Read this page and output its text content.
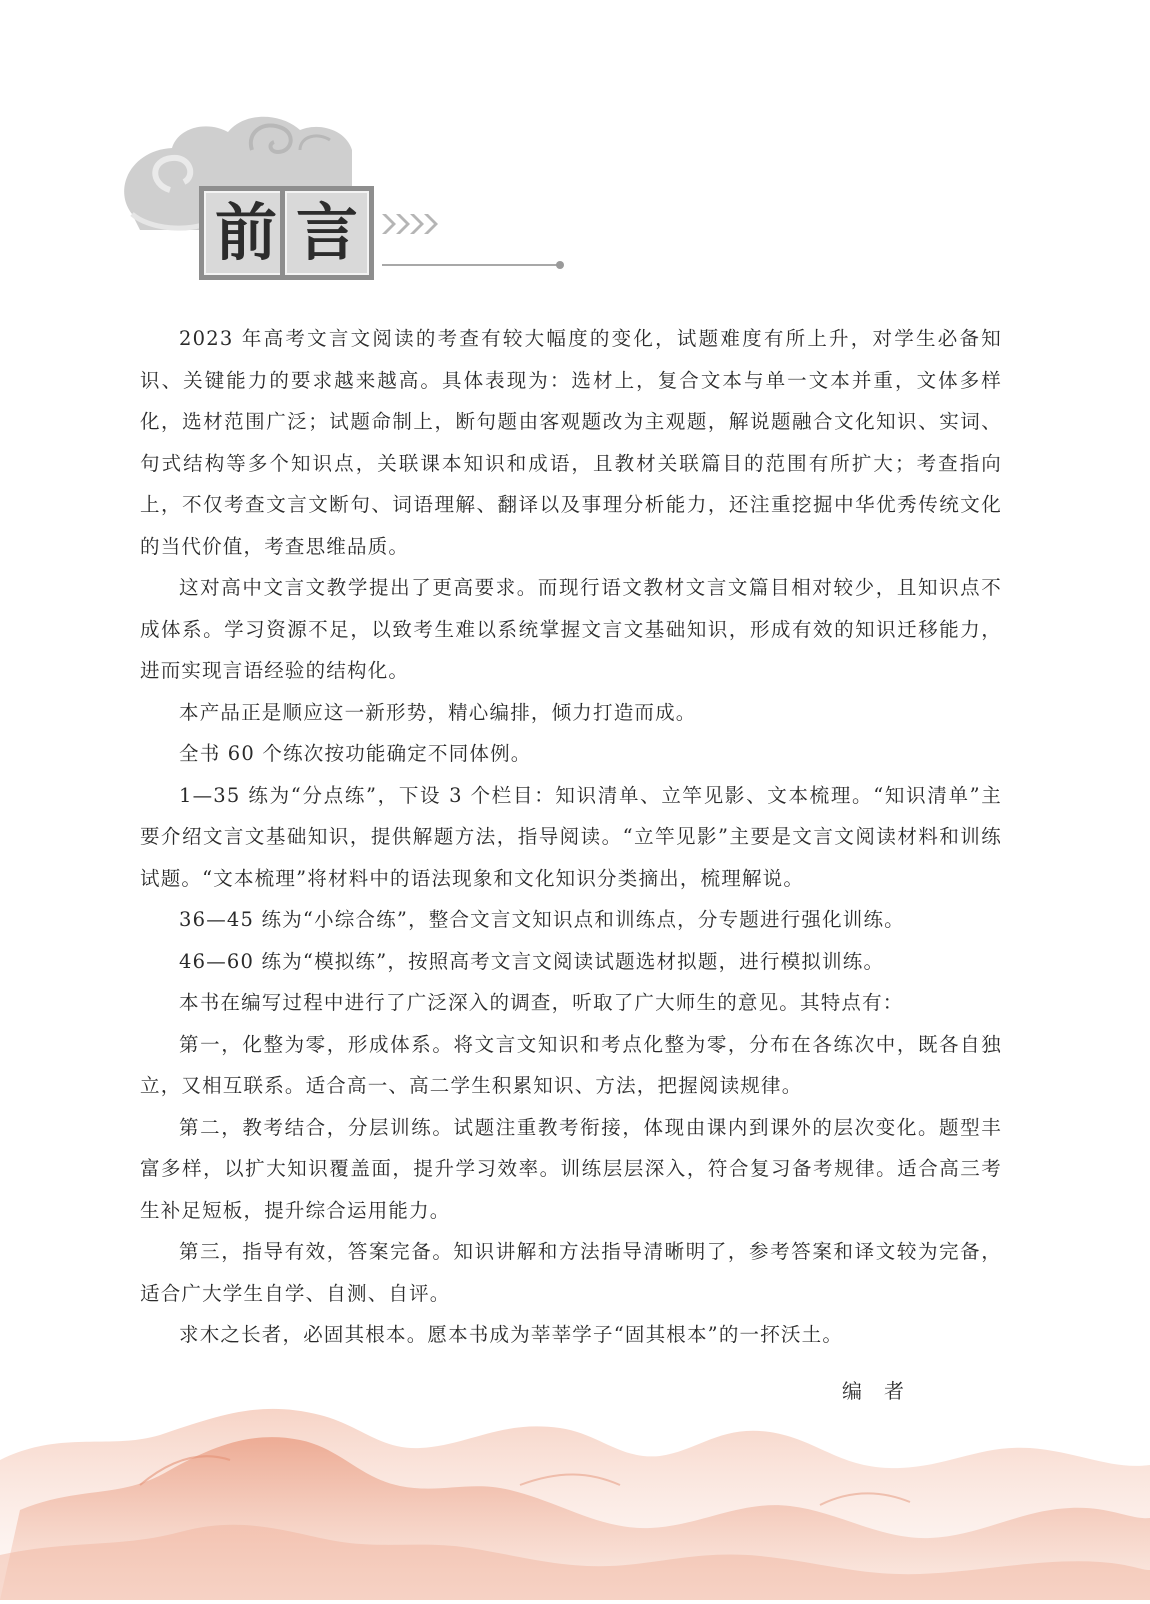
前 言

2023 年高考文言文阅读的考查有较大幅度的变化，试题难度有所上升，对学生必备知识、关键能力的要求越来越高。具体表现为：选材上，复合文本与单一文本并重，文体多样化，选材范围广泛；试题命制上，断句题由客观题改为主观题，解说题融合文化知识、实词、句式结构等多个知识点，关联课本知识和成语，且教材关联篇目的范围有所扩大；考查指向上，不仅考查文言文断句、词语理解、翻译以及事理分析能力，还注重挖掘中华优秀传统文化的当代价值，考查思维品质。

这对高中文言文教学提出了更高要求。而现行语文教材文言文篇目相对较少，且知识点不成体系。学习资源不足，以致考生难以系统掌握文言文基础知识，形成有效的知识迁移能力，进而实现言语经验的结构化。

本产品正是顺应这一新形势，精心编排，倾力打造而成。

全书 60 个练次按功能确定不同体例。

1—35 练为“分点练”，下设 3 个栏目：知识清单、立竿见影、文本梳理。“知识清单”主要介绍文言文基础知识，提供解题方法，指导阅读。“立竿见影”主要是文言文阅读材料和训练试题。“文本梳理”将材料中的语法现象和文化知识分类摘出，梳理解说。

36—45 练为“小综合练”，整合文言文知识点和训练点，分专题进行强化训练。

46—60 练为“模拟练”，按照高考文言文阅读试题选材拟题，进行模拟训练。

本书在编写过程中进行了广泛深入的调查，听取了广大师生的意见。其特点有：

第一，化整为零，形成体系。将文言文知识和考点化整为零，分布在各练次中，既各自独立，又相互联系。适合高一、高二学生积累知识、方法，把握阅读规律。

第二，教考结合，分层训练。试题注重教考衔接，体现由课内到课外的层次变化。题型丰富多样，以扩大知识覆盖面，提升学习效率。训练层层深入，符合复习备考规律。适合高三考生补足短板，提升综合运用能力。

第三，指导有效，答案完备。知识讲解和方法指导清晰明了，参考答案和译文较为完备，适合广大学生自学、自测、自评。

求木之长者，必固其根本。愿本书成为莘莘学子“固其根本”的一抔沃土。

编者
